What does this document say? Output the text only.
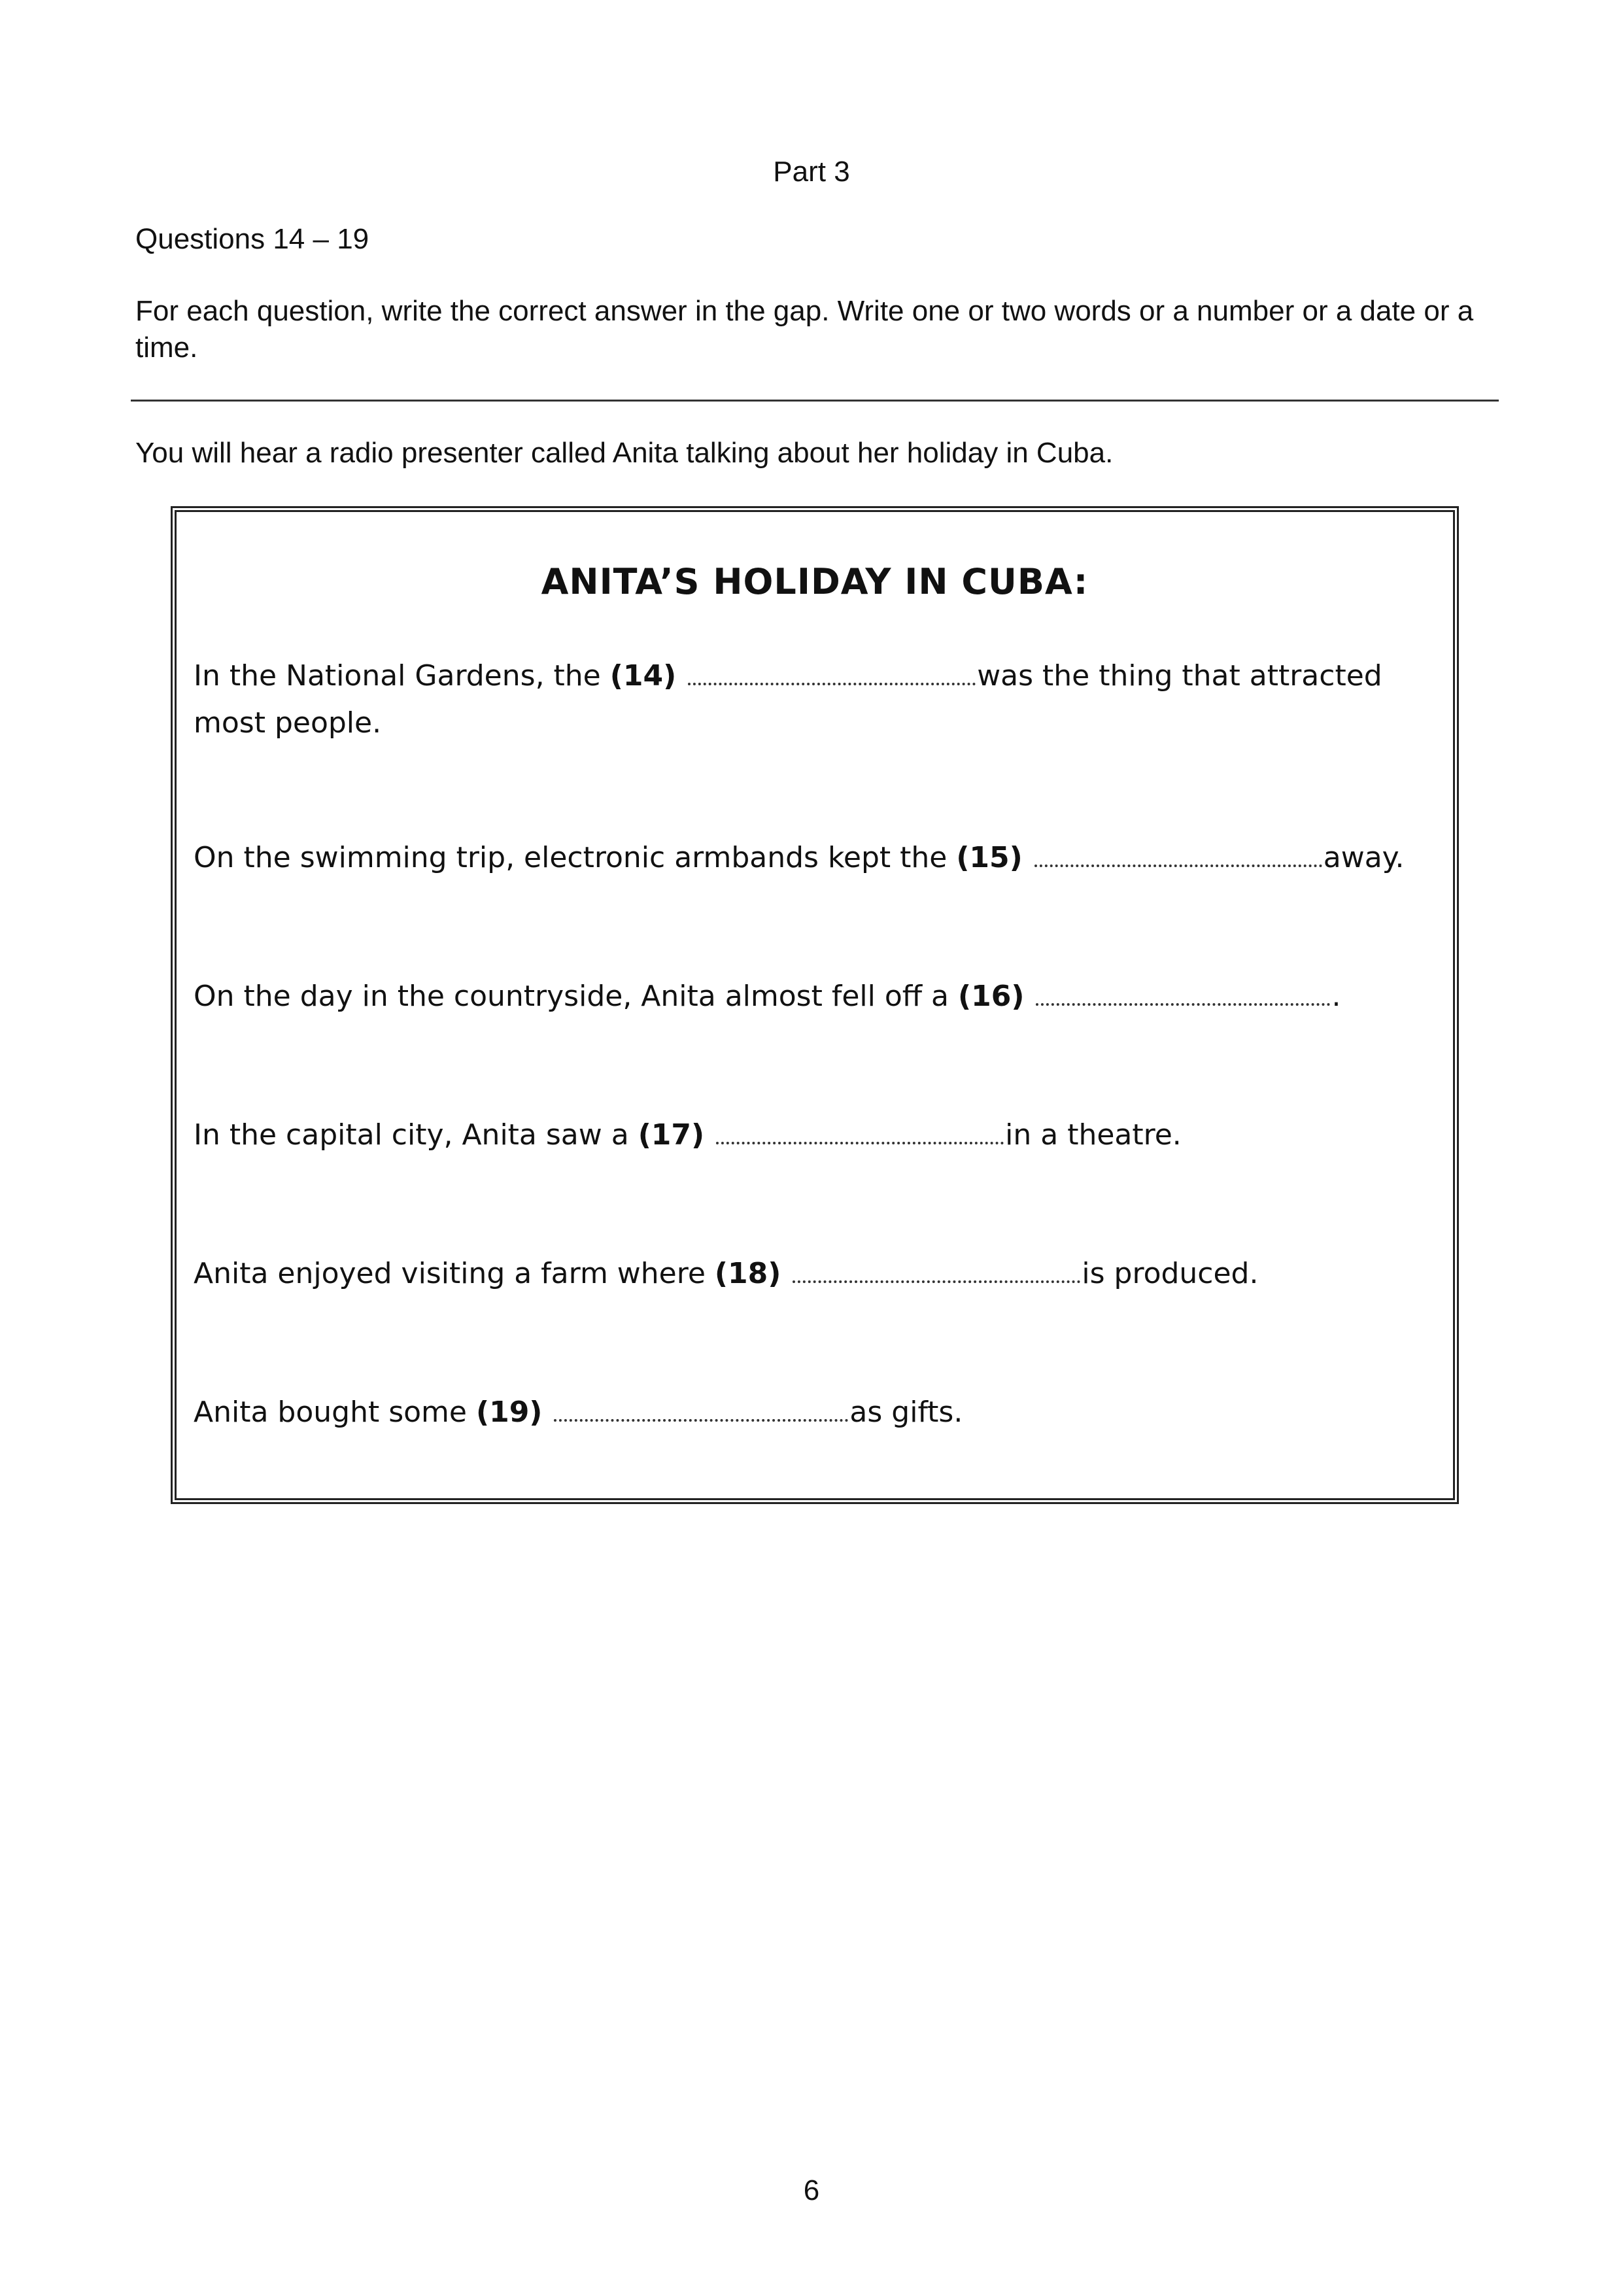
Part 3
Questions 14 – 19
For each question, write the correct answer in the gap. Write one or two words or a number or a date or a time.
You will hear a radio presenter called Anita talking about her holiday in Cuba.
ANITA’S HOLIDAY IN CUBA:
In the National Gardens, the (14)	was the thing that attracted most people.
On the swimming trip, electronic armbands kept the (15)	away.
On the day in the countryside, Anita almost fell off a (16)	.
In the capital city, Anita saw a (17)	in a theatre.
Anita enjoyed visiting a farm where (18)	is produced.
Anita bought some (19)	as gifts.
6
